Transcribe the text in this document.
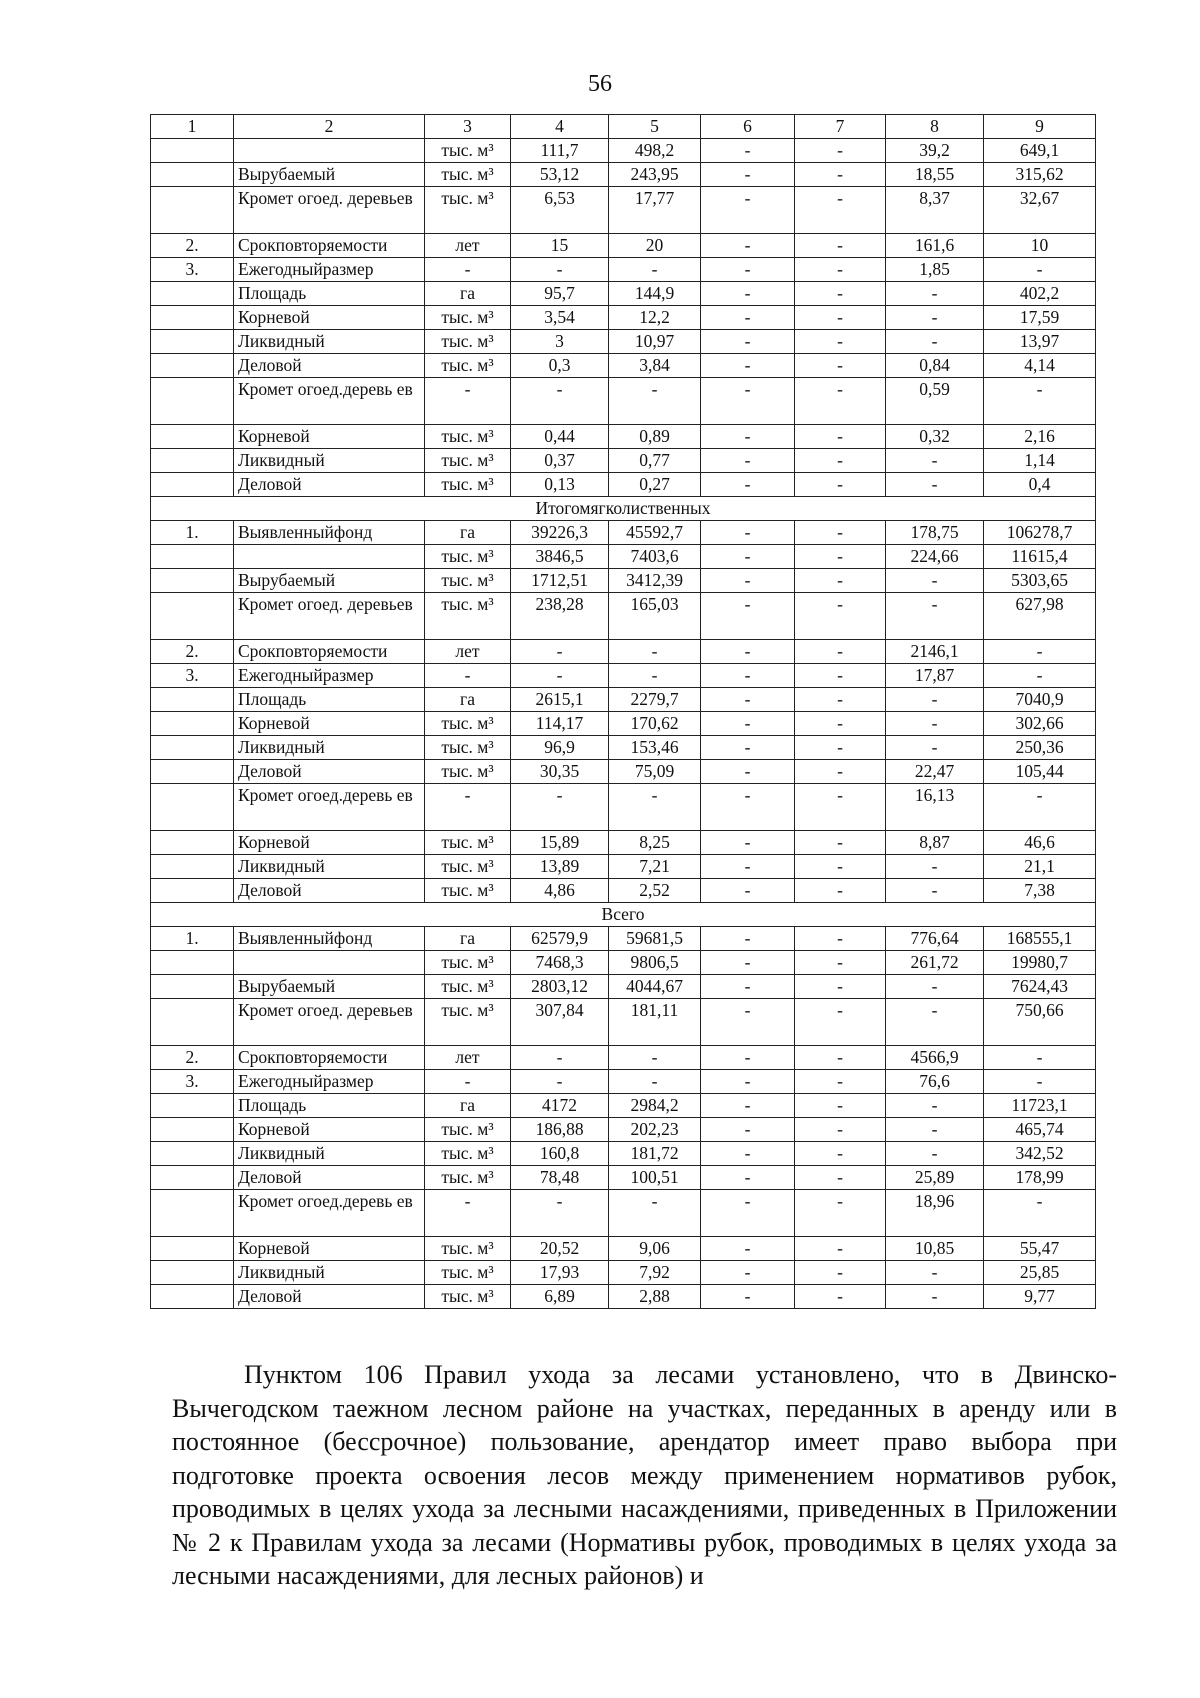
56
1	2	3	4	5	6	7	8	9
		тыс. м³	111,7	498,2	-	-	39,2	649,1
	Вырубаемый	тыс. м³	53,12	243,95	-	-	18,55	315,62
	Кромет огоед. деревьев	тыс. м³	6,53	17,77	-	-	8,37	32,67
2.	Срокповторяемости	лет	15	20	-	-	161,6	10
3.	Ежегодныйразмер	-	-	-	-	-	1,85	-
	Площадь	га	95,7	144,9	-	-	-	402,2
	Корневой	тыс. м³	3,54	12,2	-	-	-	17,59
	Ликвидный	тыс. м³	3	10,97	-	-	-	13,97
	Деловой	тыс. м³	0,3	3,84	-	-	0,84	4,14
	Кромет огоед.деревь ев	-	-	-	-	-	0,59	-
	Корневой	тыс. м³	0,44	0,89	-	-	0,32	2,16
	Ликвидный	тыс. м³	0,37	0,77	-	-	-	1,14
	Деловой	тыс. м³	0,13	0,27	-	-	-	0,4
Итогомягколиственных								
1.	Выявленныйфонд	га	39226,3	45592,7	-	-	178,75	106278,7
		тыс. м³	3846,5	7403,6	-	-	224,66	11615,4
	Вырубаемый	тыс. м³	1712,51	3412,39	-	-	-	5303,65
	Кромет огоед. деревьев	тыс. м³	238,28	165,03	-	-	-	627,98
2.	Срокповторяемости	лет	-	-	-	-	2146,1	-
3.	Ежегодныйразмер	-	-	-	-	-	17,87	-
	Площадь	га	2615,1	2279,7	-	-	-	7040,9
	Корневой	тыс. м³	114,17	170,62	-	-	-	302,66
	Ликвидный	тыс. м³	96,9	153,46	-	-	-	250,36
	Деловой	тыс. м³	30,35	75,09	-	-	22,47	105,44
	Кромет огоед.деревь ев	-	-	-	-	-	16,13	-
	Корневой	тыс. м³	15,89	8,25	-	-	8,87	46,6
	Ликвидный	тыс. м³	13,89	7,21	-	-	-	21,1
	Деловой	тыс. м³	4,86	2,52	-	-	-	7,38
Всего								
1.	Выявленныйфонд	га	62579,9	59681,5	-	-	776,64	168555,1
		тыс. м³	7468,3	9806,5	-	-	261,72	19980,7
	Вырубаемый	тыс. м³	2803,12	4044,67	-	-	-	7624,43
	Кромет огоед. деревьев	тыс. м³	307,84	181,11	-	-	-	750,66
2.	Срокповторяемости	лет	-	-	-	-	4566,9	-
3.	Ежегодныйразмер	-	-	-	-	-	76,6	-
	Площадь	га	4172	2984,2	-	-	-	11723,1
	Корневой	тыс. м³	186,88	202,23	-	-	-	465,74
	Ликвидный	тыс. м³	160,8	181,72	-	-	-	342,52
	Деловой	тыс. м³	78,48	100,51	-	-	25,89	178,99
	Кромет огоед.деревь ев	-	-	-	-	-	18,96	-
	Корневой	тыс. м³	20,52	9,06	-	-	10,85	55,47
	Ликвидный	тыс. м³	17,93	7,92	-	-	-	25,85
	Деловой	тыс. м³	6,89	2,88	-	-	-	9,77
Пунктом 106 Правил ухода за лесами установлено, что в Двинско-Вычегодском таежном лесном районе на участках, переданных в аренду или в постоянное (бессрочное) пользование, арендатор имеет право выбора при подготовке проекта освоения лесов между применением нормативов рубок, проводимых в целях ухода за лесными насаждениями, приведенных в Приложении № 2 к Правилам ухода за лесами (Нормативы рубок, проводимых в целях ухода за лесными насаждениями, для лесных районов) и
